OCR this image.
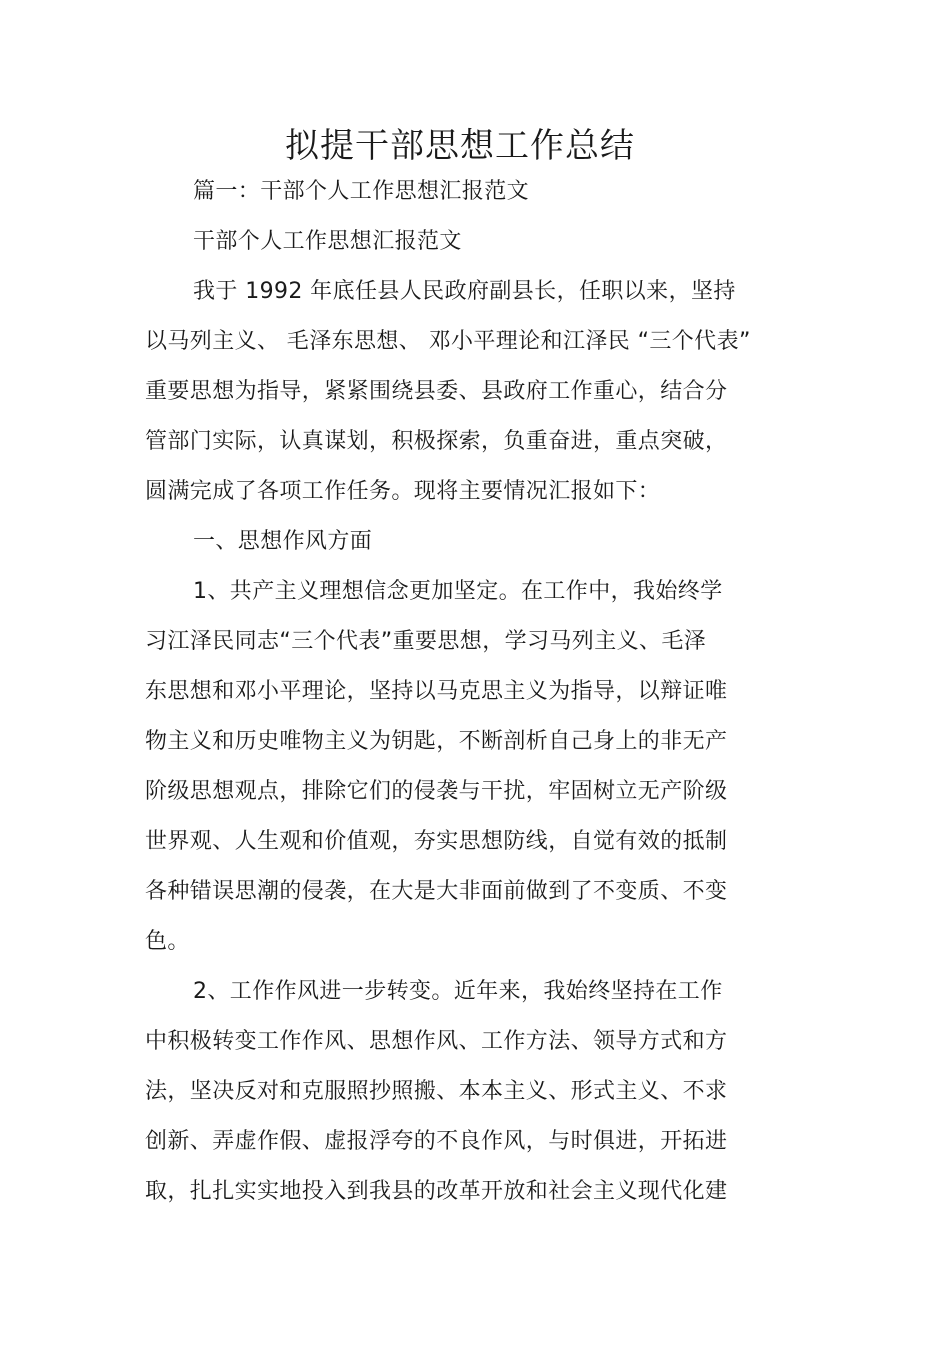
拟提干部思想工作总结

篇一：干部个人工作思想汇报范文

干部个人工作思想汇报范文

我于 1992 年底任县人民政府副县长，任职以来，坚持

以马列主义、 毛泽东思想、 邓小平理论和江泽民 “三个代表”

重要思想为指导，紧紧围绕县委、县政府工作重心，结合分

管部门实际，认真谋划，积极探索，负重奋进，重点突破，

圆满完成了各项工作任务。现将主要情况汇报如下：

一、思想作风方面

1、共产主义理想信念更加坚定。在工作中，我始终学

习江泽民同志“三个代表”重要思想，学习马列主义、毛泽

东思想和邓小平理论，坚持以马克思主义为指导，以辩证唯

物主义和历史唯物主义为钥匙，不断剖析自己身上的非无产

阶级思想观点，排除它们的侵袭与干扰，牢固树立无产阶级

世界观、人生观和价值观，夯实思想防线，自觉有效的抵制

各种错误思潮的侵袭，在大是大非面前做到了不变质、不变

色。

2、工作作风进一步转变。近年来，我始终坚持在工作

中积极转变工作作风、思想作风、工作方法、领导方式和方

法，坚决反对和克服照抄照搬、本本主义、形式主义、不求

创新、弄虚作假、虚报浮夸的不良作风，与时俱进，开拓进

取，扎扎实实地投入到我县的改革开放和社会主义现代化建
